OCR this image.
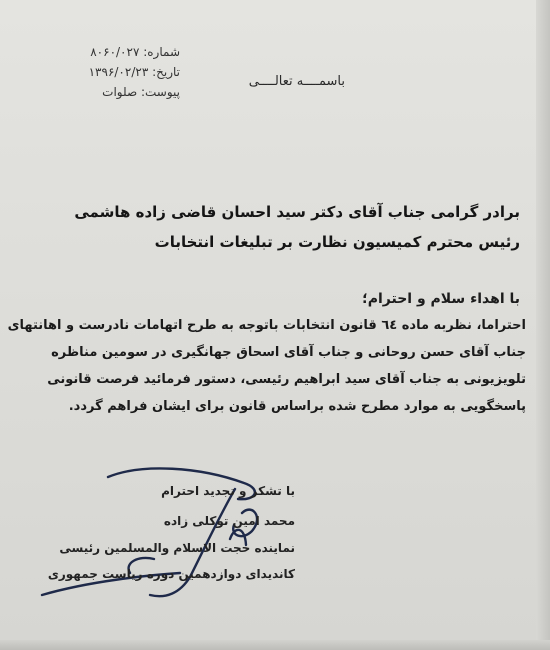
شماره: ۸۰۶۰/۰۲۷
تاریخ: ۱۳۹۶/۰۲/۲۳
پیوست: صلوات
باسمــــه تعالــــی
برادر گرامی جناب آقای دکتر سید احسان قاضی زاده هاشمی
رئیس محترم کمیسیون نظارت بر تبلیغات انتخابات
با اهداء سلام و احترام؛
احتراما، نظربه ماده ٦٤ قانون انتخابات باتوجه به طرح اتهامات نادرست و اهانتهای
جناب آقای حسن روحانی و جناب آقای اسحاق جهانگیری در سومین مناظره
تلویزیونی به جناب آقای سید ابراهیم رئیسی، دستور فرمائید فرصت قانونی
پاسخگویی به موارد مطرح شده براساس قانون برای ایشان فراهم گردد.
با تشکر و تجدید احترام
محمد امین توکلی زاده
نماینده حجت الاسلام والمسلمین رئیسی
کاندیدای دوازدهمین دوره ریاست جمهوری
